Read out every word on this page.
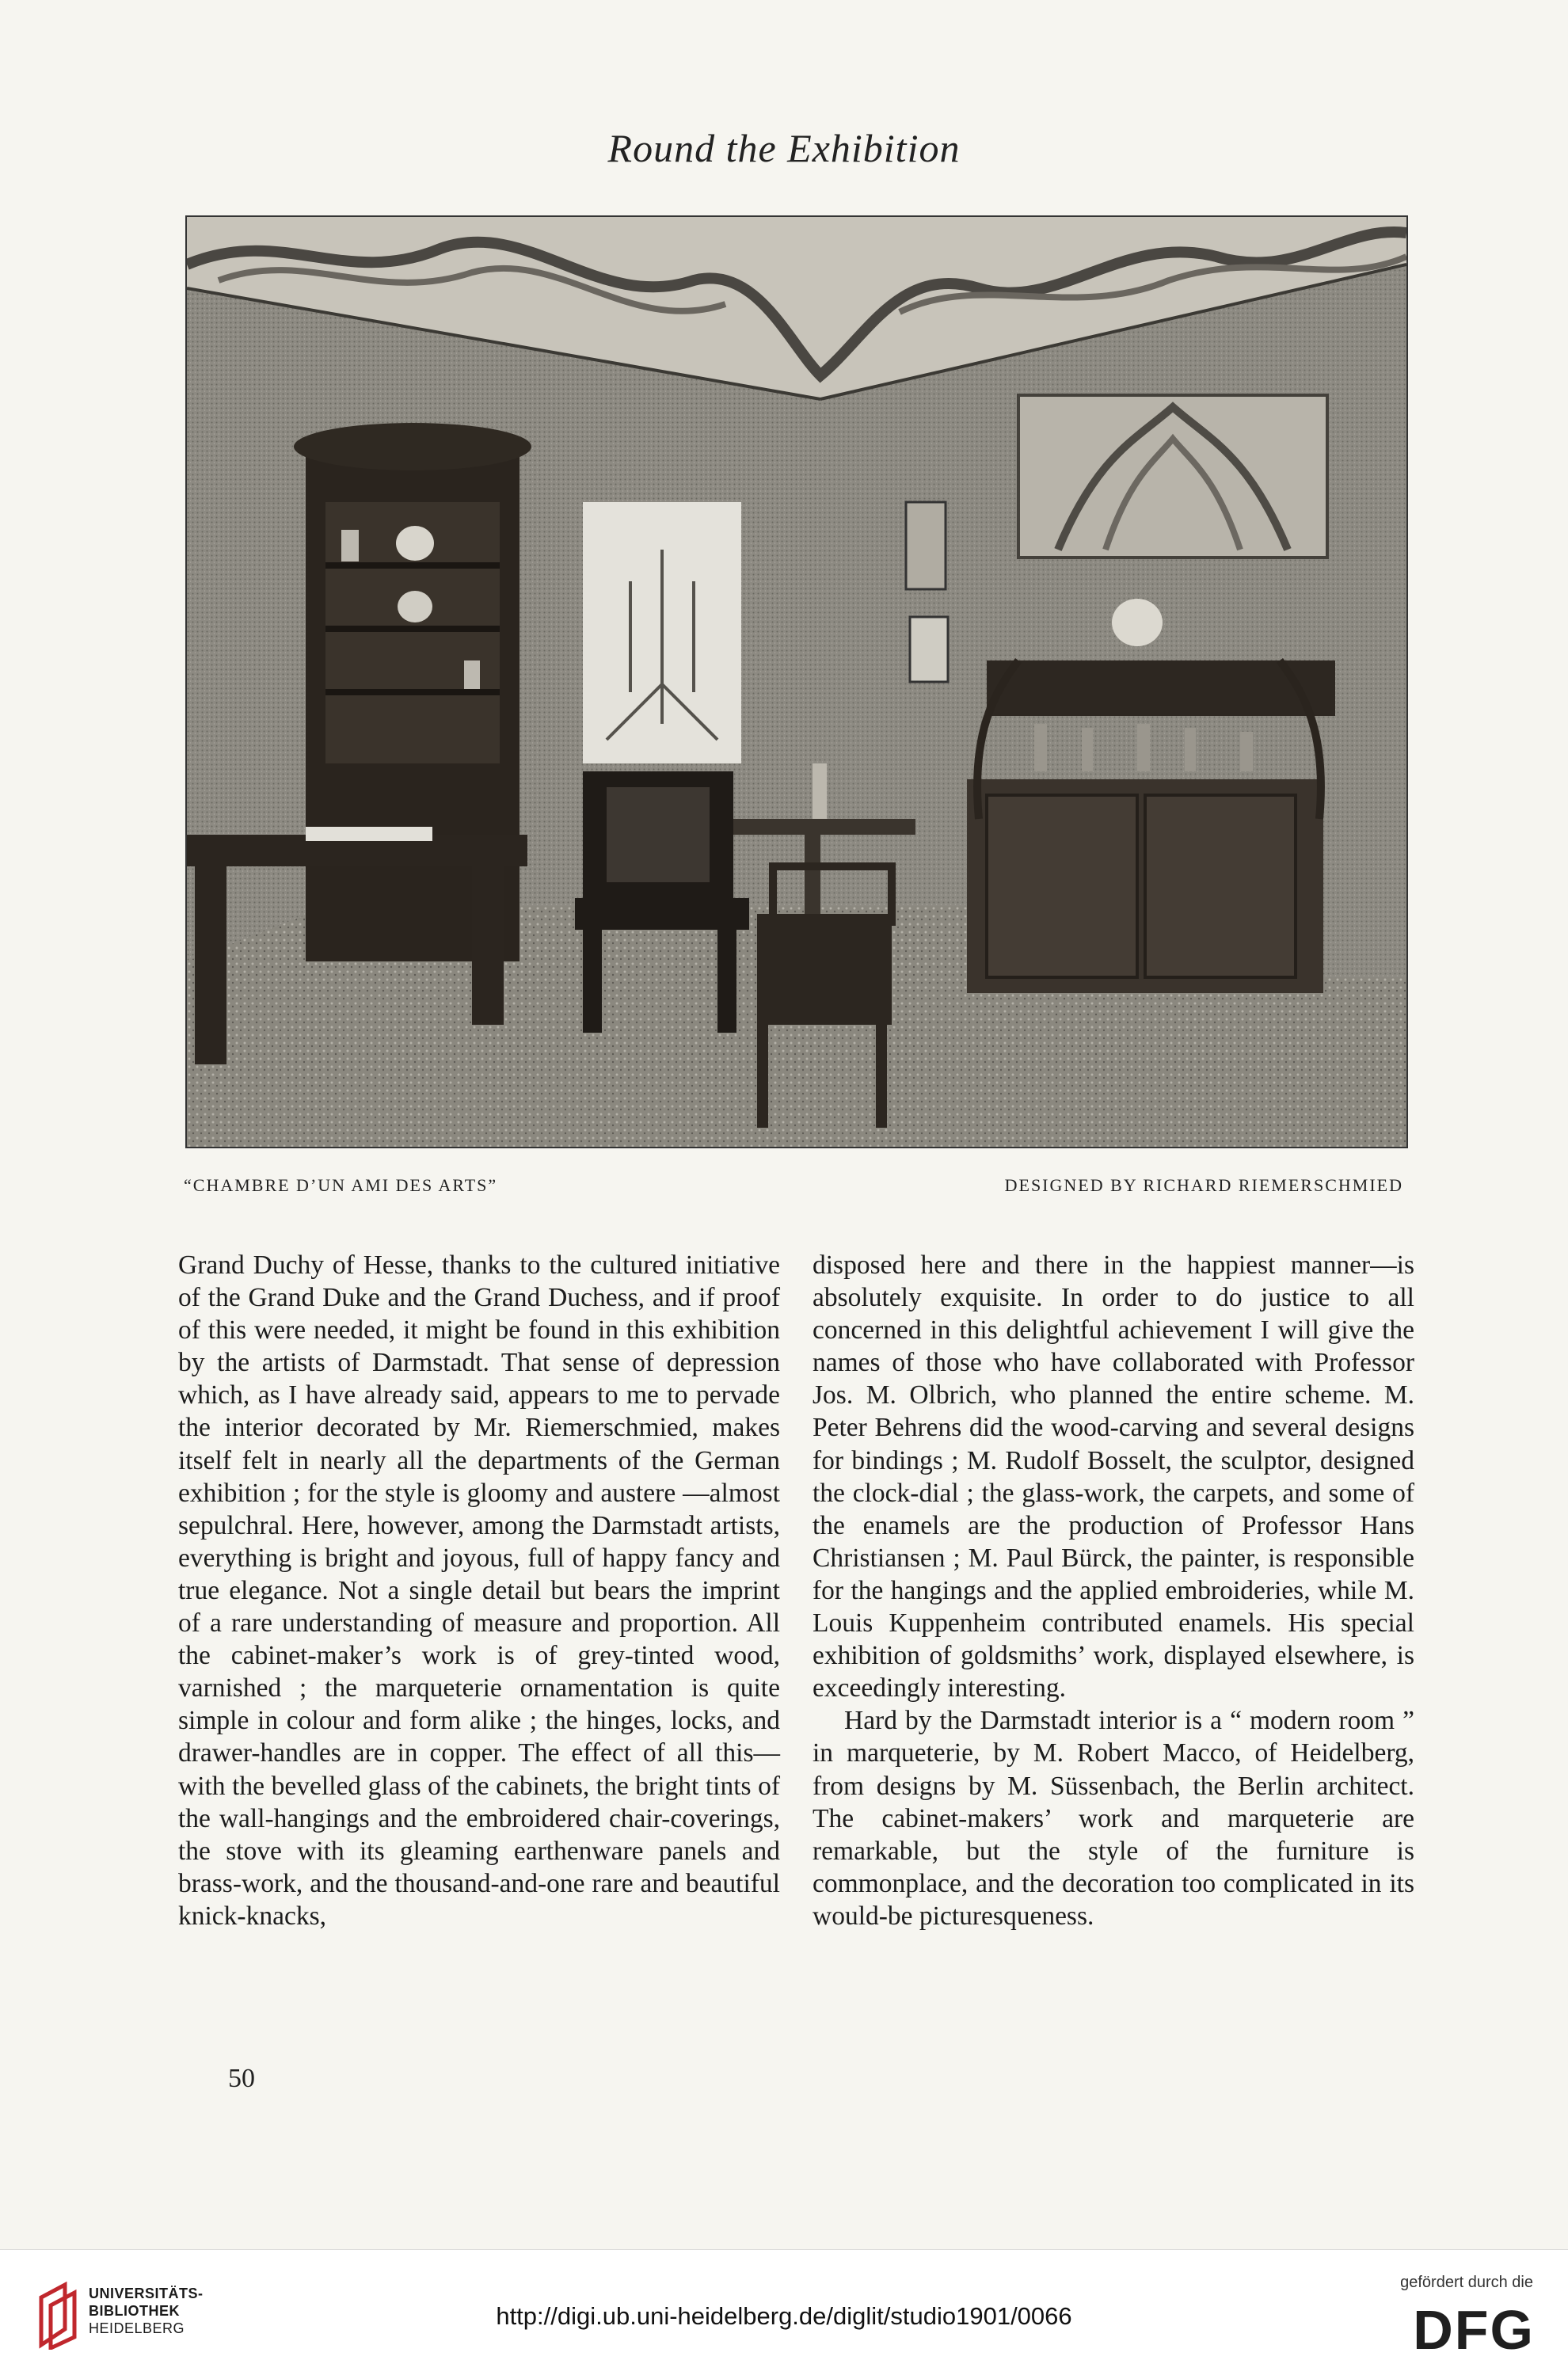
Round the Exhibition
“CHAMBRE D’UN AMI DES ARTS”	DESIGNED BY RICHARD RIEMERSCHMIED

Grand Duchy of Hesse, thanks to the cultured initiative of the Grand Duke and the Grand Duchess, and if proof of this were needed, it might be found in this exhibition by the artists of Darmstadt. That sense of depression which, as I have already said, appears to me to pervade the interior decorated by Mr. Riemerschmied, makes itself felt in nearly all the departments of the German exhibition ; for the style is gloomy and austere —almost sepulchral. Here, however, among the Darmstadt artists, everything is bright and joyous, full of happy fancy and true elegance. Not a single detail but bears the imprint of a rare understanding of measure and proportion. All the cabinet-maker’s work is of grey-tinted wood, varnished ; the marqueterie ornamentation is quite simple in colour and form alike ; the hinges, locks, and drawer-handles are in copper. The effect of all this—with the bevelled glass of the cabinets, the bright tints of the wall-hangings and the embroidered chair-coverings, the stove with its gleaming earthenware panels and brass-work, and the thousand-and-one rare and beautiful knick-knacks,

disposed here and there in the happiest manner—is absolutely exquisite. In order to do justice to all concerned in this delightful achievement I will give the names of those who have collaborated with Professor Jos. M. Olbrich, who planned the entire scheme. M. Peter Behrens did the wood-carving and several designs for bindings ; M. Rudolf Bosselt, the sculptor, designed the clock-dial ; the glass-work, the carpets, and some of the enamels are the production of Professor Hans Christiansen ; M. Paul Bürck, the painter, is responsible for the hangings and the applied embroideries, while M. Louis Kuppenheim contributed enamels. His special exhibition of goldsmiths’ work, displayed elsewhere, is exceedingly interesting.

Hard by the Darmstadt interior is a “ modern room ” in marqueterie, by M. Robert Macco, of Heidelberg, from designs by M. Süssenbach, the Berlin architect. The cabinet-makers’ work and marqueterie are remarkable, but the style of the furniture is commonplace, and the decoration too complicated in its would-be picturesqueness.

50
UNIVERSITÄTS-
BIBLIOTHEK
HEIDELBERG	http://digi.ub.uni-heidelberg.de/diglit/studio1901/0066
gefördert durch die
DFG
